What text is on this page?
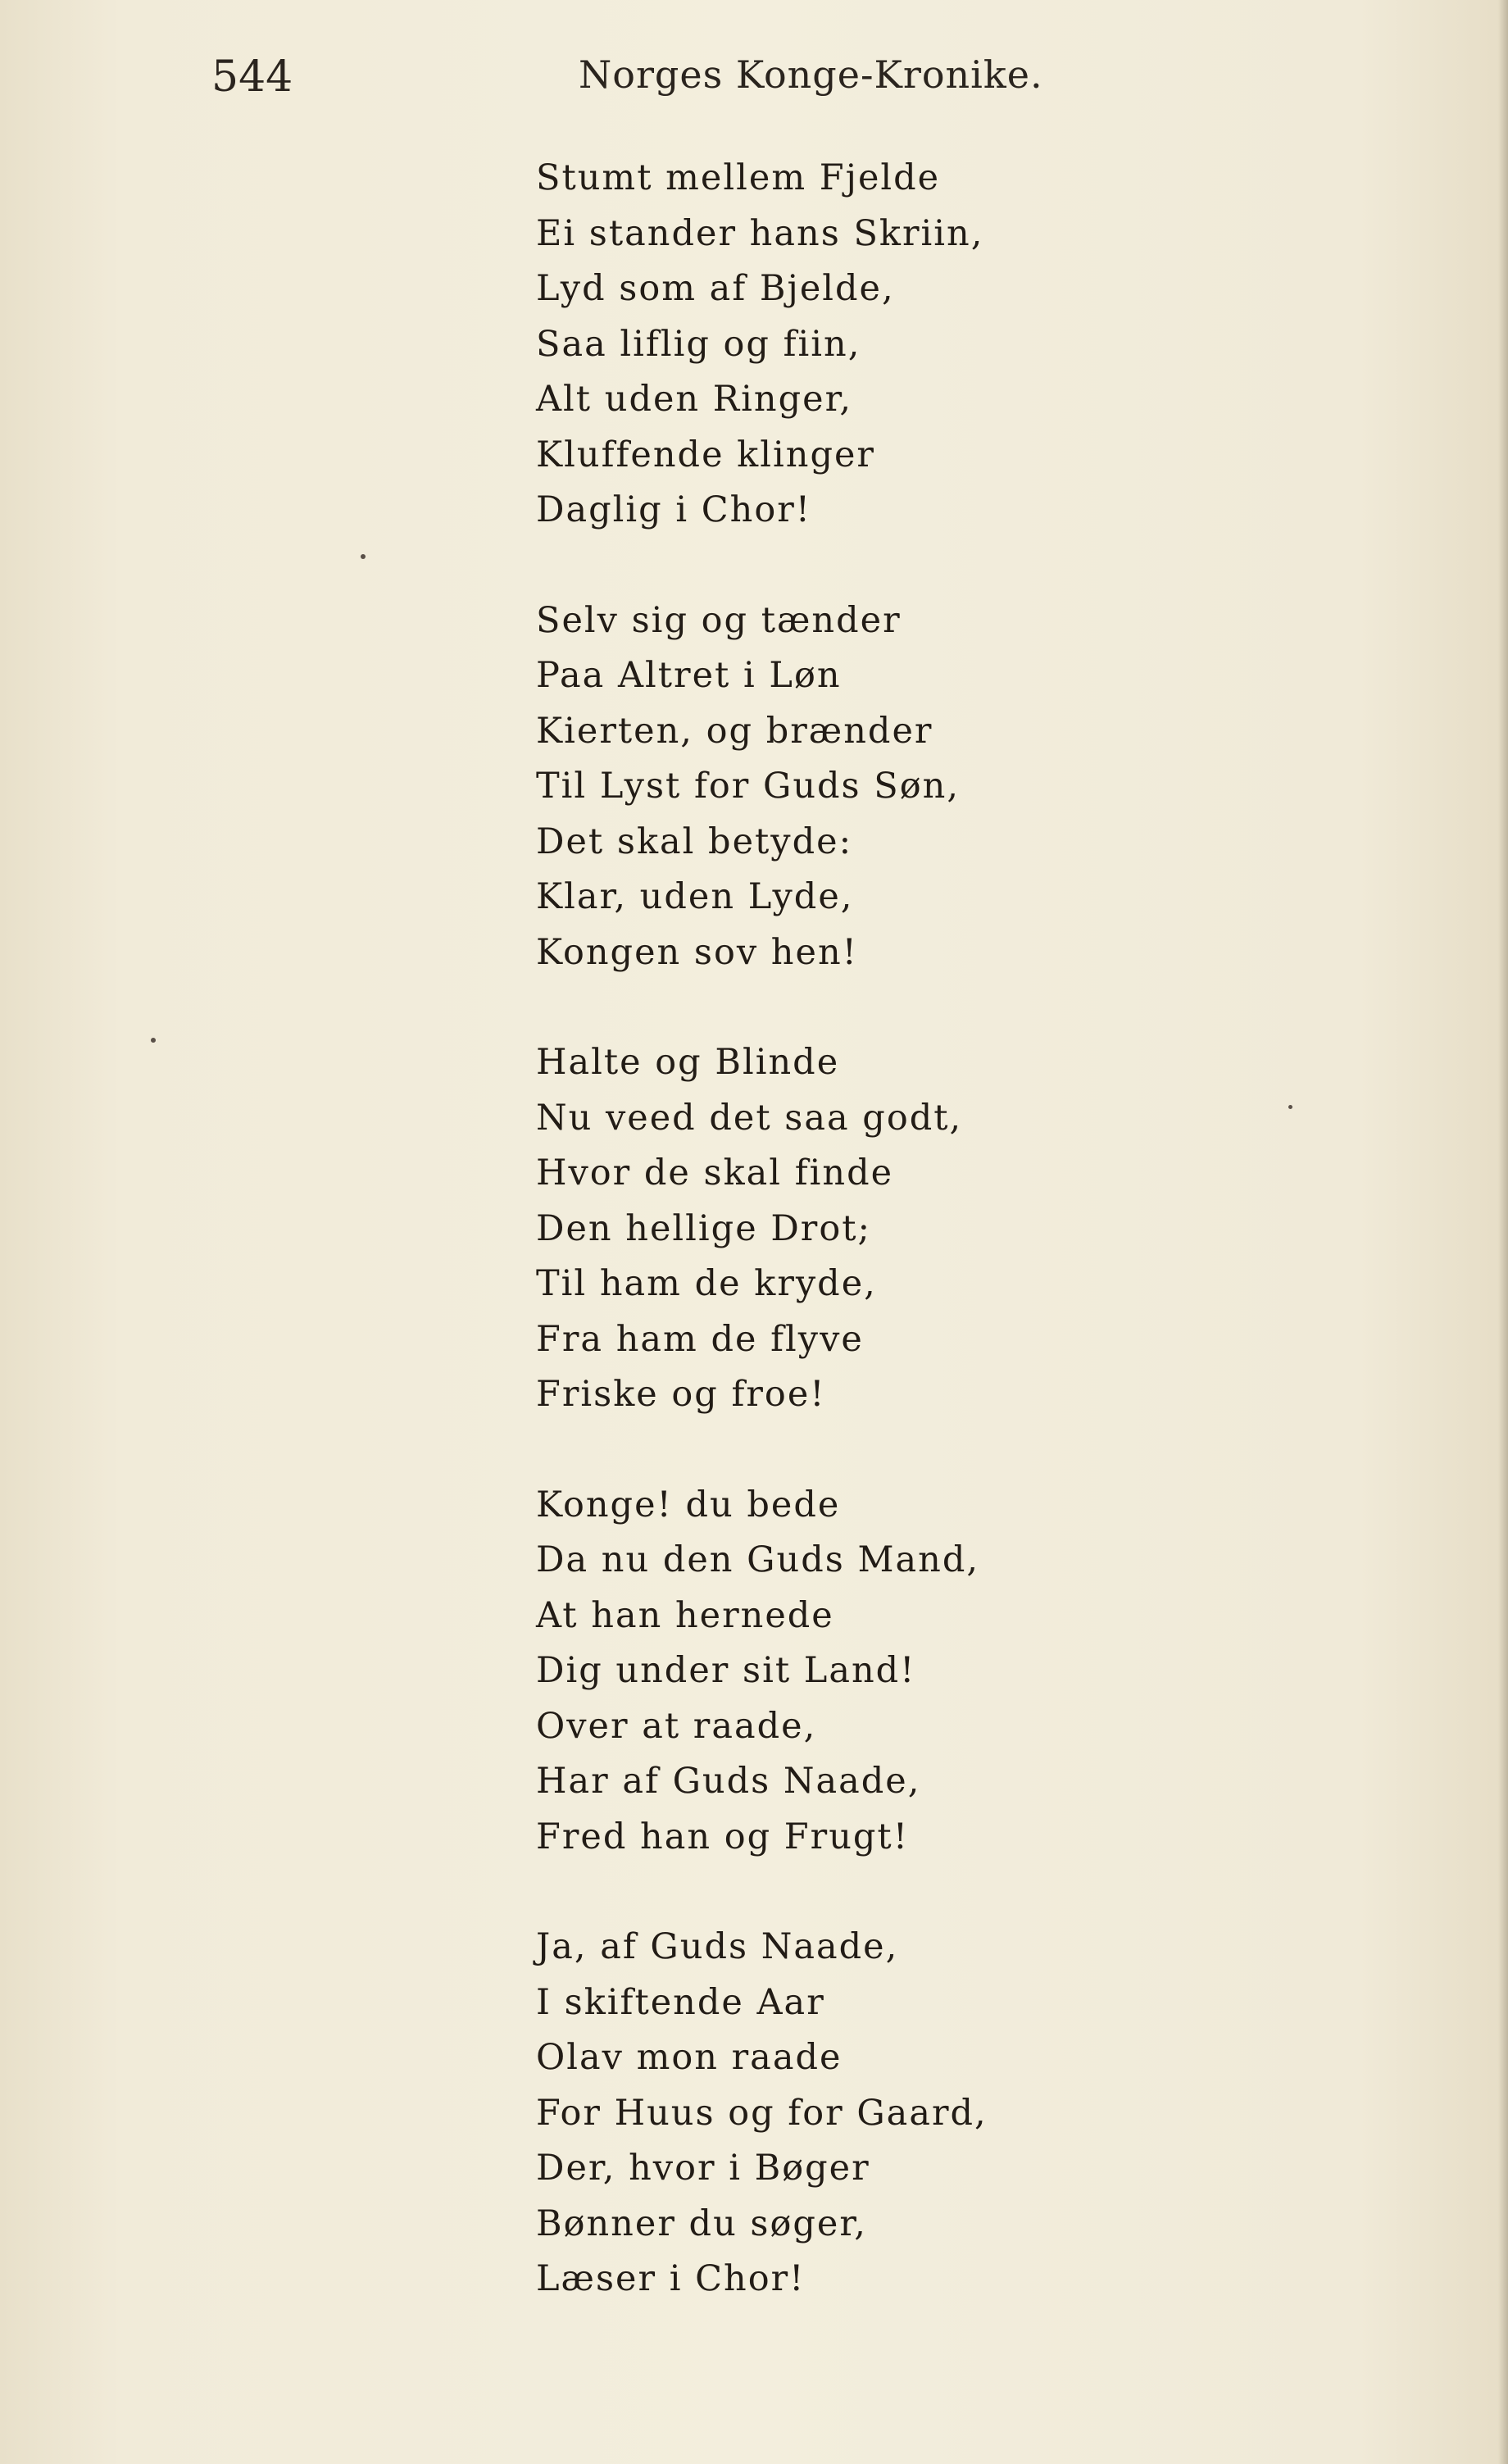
544	Norges Konge-Kronike.

Stumt mellem Fjelde
Ei stander hans Skriin,
Lyd som af Bjelde,
Saa liflig og fiin,
Alt uden Ringer,
Kluffende klinger
Daglig i Chor!
Selv sig og tænder
Paa Altret i Løn
Kierten, og brænder
Til Lyst for Guds Søn,
Det skal betyde:
Klar, uden Lyde,
Kongen sov hen!
Halte og Blinde
Nu veed det saa godt,
Hvor de skal finde
Den hellige Drot;
Til ham de kryde,
Fra ham de flyve
Friske og froe!
Konge! du bede
Da nu den Guds Mand,
At han hernede
Dig under sit Land!
Over at raade,
Har af Guds Naade,
Fred han og Frugt!
Ja, af Guds Naade,
I skiftende Aar
Olav mon raade
For Huus og for Gaard,
Der, hvor i Bøger
Bønner du søger,
Læser i Chor!
